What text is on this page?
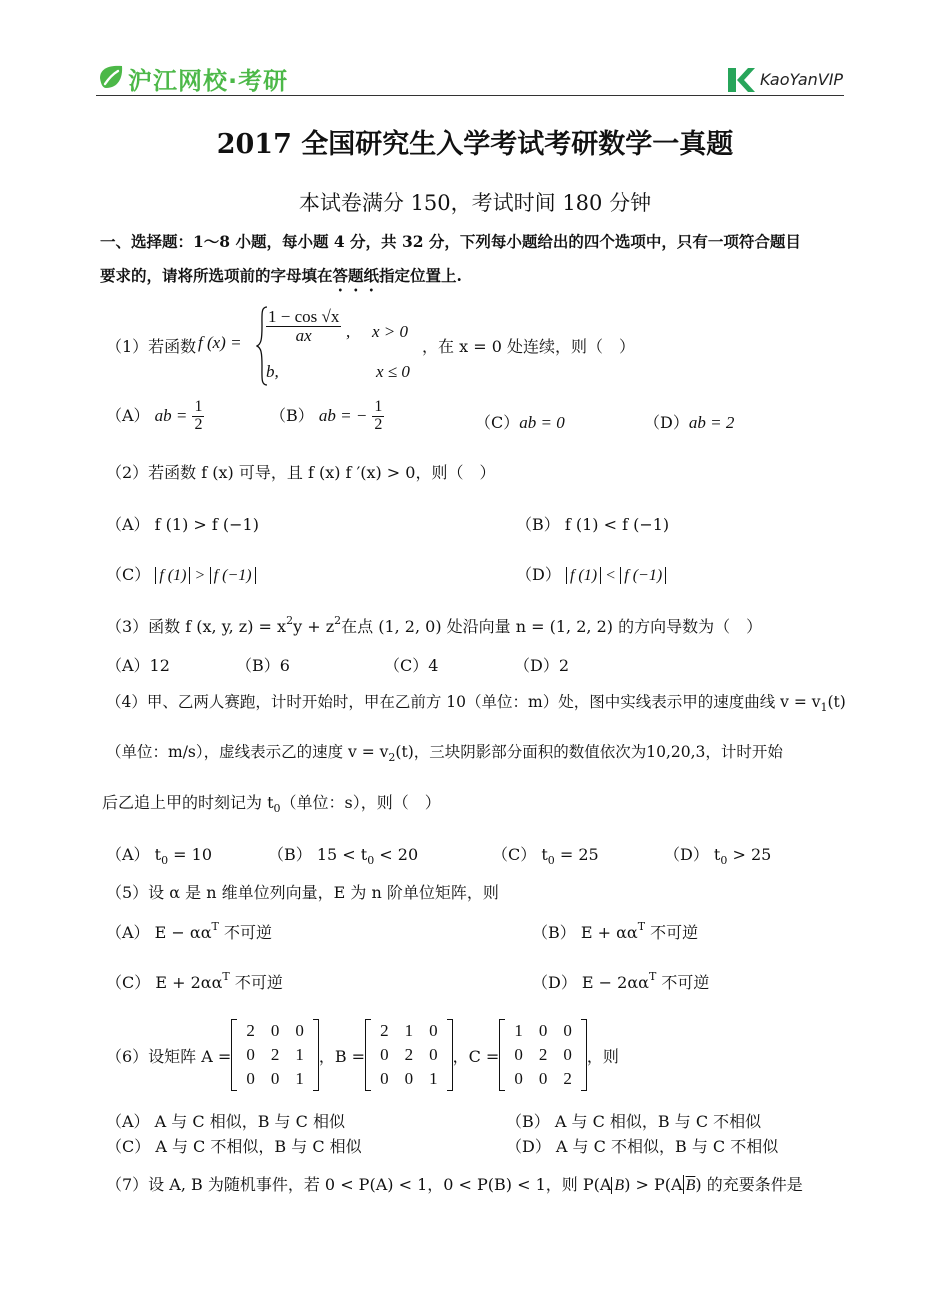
沪江网校·考研	KaoYanVIP
2017 全国研究生入学考试考研数学一真题
本试卷满分 150，考试时间 180 分钟
一、选择题：1～8 小题，每小题 4 分，共 32 分，下列每小题给出的四个选项中，只有一项符合题目
要求的，请将所选项前的字母填在答题纸指定位置上.
（1）若函数 f $(x) = \frac{1 - \cos √x}{ax}$ , x > 0
b,	x ≤ 0
，在 x = 0 处连续，则（　）
（A） ab = $\frac{1}{2}$	（B） ab = − $\frac{1}{2}$	（C）ab = 0	（D）ab = 2
（2）若函数 f (x) 可导，且 f (x) f ′(x) > 0，则（　）
（A） f (1) > f (−1)	（B） f (1) < f (−1)
（C） f (1) > f (−1)	（D） f (1) < f (−1)
（3）函数 f (x, y, $z) = x^2y + z^2$在点 (1, 2, 0) 处沿向量 n = (1, 2, 2) 的方向导数为（　）
（A）12	（B）6	（C）4	（D）2
（4）甲、乙两人赛跑，计时开始时，甲在乙前方 10（单位：m）处，图中实线表示甲的速度曲线 $v = v_1(t)$
（单位：m/s），虚线表示乙的速度 $v = v_2(t)$，三块阴影部分面积的数值依次为10,20,3，计时开始
后乙追上甲的时刻记为 $t_0$（单位：s），则（　）
（A） $t_0 = 10$	（B） $15 < t_0 < 20$	（C） $t_0 = 25$	（D） $t_0 > 25$
（5）设 α 是 n 维单位列向量，E 为 n 阶单位矩阵，则
（A） $E - \alpha\alpha^T$ 不可逆	（B） $E + \alpha\alpha^T$ 不可逆
（C） $E + 2\alpha\alpha^T$ 不可逆	（D） $E - 2\alpha\alpha^T$ 不可逆
（6）设矩阵 A =
2	0	0
0	2	1
0	0	1
，B =
2	1	0
0	2	0
0	0	1
，C =
1	0	0
0	2	0
0	0	2
，则
（A） A 与 C 相似，B 与 C 相似	（B） A 与 C 相似，B 与 C 不相似
（C） A 与 C 不相似，B 与 C 相似	（D） A 与 C 不相似，B 与 C 不相似
（7）设 A, B 为随机事件，若 0 < P(A) < 1，0 < P(B) < 1，则 P(A B) > P(A $\overline{B}$) 的充要条件是
